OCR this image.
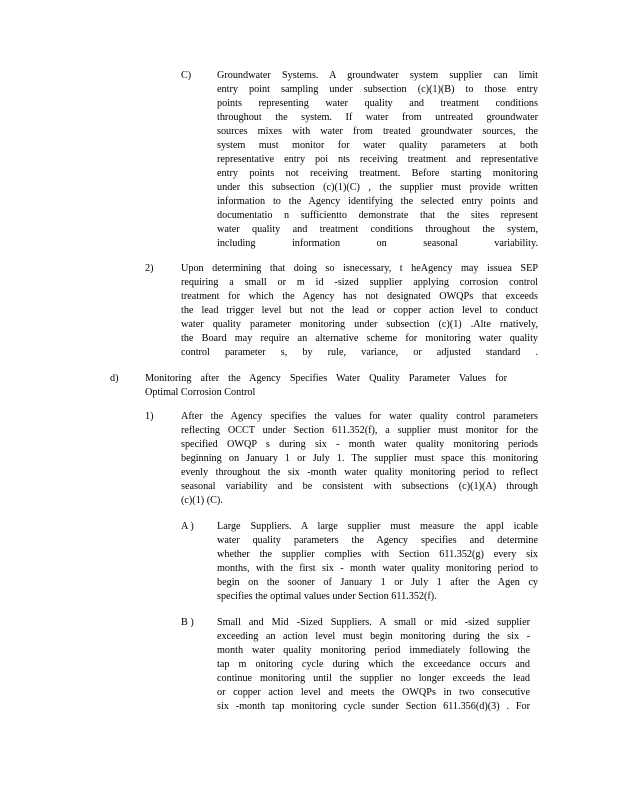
C)	Groundwater Systems. A groundwater system supplier can limit
entry point sampling under subsection (c)(1)(B) to those entry
points representing water quality and treatment conditions
throughout the system. If water from untreated groundwater
sources mixes with water from treated groundwater sources, the
system must monitor for water quality parameters at both
representative entry poi nts receiving treatment and representative
entry points not receiving treatment. Before starting monitoring
under this subsection (c)(1)(C) , the supplier must provide written
information to the Agency identifying the selected entry points and
documentatio n sufficientto demonstrate that the sites represent
water quality and treatment conditions throughout the system,
including information on seasonal variability.
2)	Upon determining that doing so isnecessary, t heAgency may issuea SEP
requiring a small or m id -sized supplier applying corrosion control
treatment for which the Agency has not designated OWQPs that exceeds
the lead trigger level but not the lead or copper action level to conduct
water quality parameter monitoring under subsection (c)(1) .Alte rnatively,
the Board may require an alternative scheme for monitoring water quality
control parameter s, by rule, variance, or adjusted standard .
d)	Monitoring after the Agency Specifies Water Quality Parameter Values for
Optimal Corrosion Control
1)	After the Agency specifies the values for water quality control parameters
reflecting OCCT under Section 611.352(f), a supplier must monitor for the
specified OWQP s during six - month water quality monitoring periods
beginning on January 1 or July 1. The supplier must space this monitoring
evenly throughout the six -month water quality monitoring period to reflect
seasonal variability and be consistent with subsections (c)(1)(A) through
(c)(1) (C).
A ) Large Suppliers. A large supplier must measure the appl icable
water quality parameters the Agency specifies and determine
whether the supplier complies with Section 611.352(g) every six
months, with the first six - month water quality monitoring period to
begin on the sooner of January 1 or July 1 after the Agen cy
specifies the optimal values under Section 611.352(f).
B ) Small and Mid -Sized Suppliers. A small or mid -sized supplier
exceeding an action level must begin monitoring during the six -
month water quality monitoring period immediately following the
tap m onitoring cycle during which the exceedance occurs and
continue monitoring until the supplier no longer exceeds the lead
or copper action level and meets the OWQPs in two consecutive
six -month tap monitoring cycle sunder Section 611.356(d)(3) . For
